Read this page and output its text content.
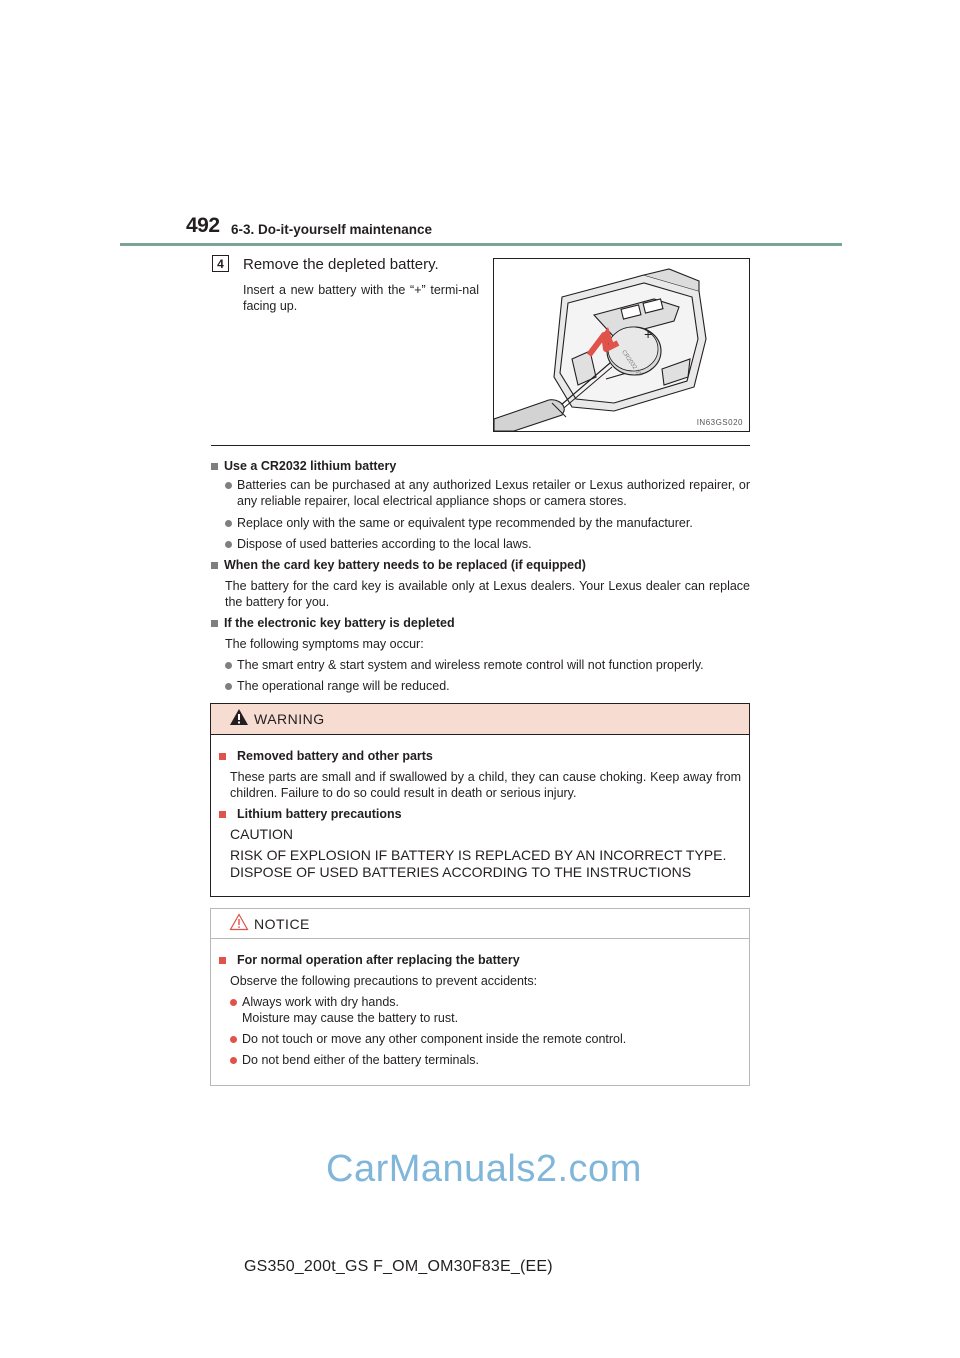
492 6-3. Do-it-yourself maintenance
4	Remove the depleted battery.
Insert a new battery with the “+” termi-nal facing up.
+
CR2032 3V
IN63GS020

Use a CR2032 lithium battery

Batteries can be purchased at any authorized Lexus retailer or Lexus authorized repairer, or any reliable repairer, local electrical appliance shops or camera stores.

Replace only with the same or equivalent type recommended by the manufacturer.

Dispose of used batteries according to the local laws.

When the card key battery needs to be replaced (if equipped)

The battery for the card key is available only at Lexus dealers. Your Lexus dealer can replace the battery for you.

If the electronic key battery is depleted

The following symptoms may occur:

The smart entry & start system and wireless remote control will not function properly.

The operational range will be reduced.

WARNING

Removed battery and other parts

These parts are small and if swallowed by a child, they can cause choking. Keep away from children. Failure to do so could result in death or serious injury.

Lithium battery precautions

CAUTION

RISK OF EXPLOSION IF BATTERY IS REPLACED BY AN INCORRECT TYPE. DISPOSE OF USED BATTERIES ACCORDING TO THE INSTRUCTIONS

NOTICE

For normal operation after replacing the battery

Observe the following precautions to prevent accidents:

Always work with dry hands.
Moisture may cause the battery to rust.

Do not touch or move any other component inside the remote control.

Do not bend either of the battery terminals.

CarManuals2.com
GS350_200t_GS F_OM_OM30F83E_(EE)
